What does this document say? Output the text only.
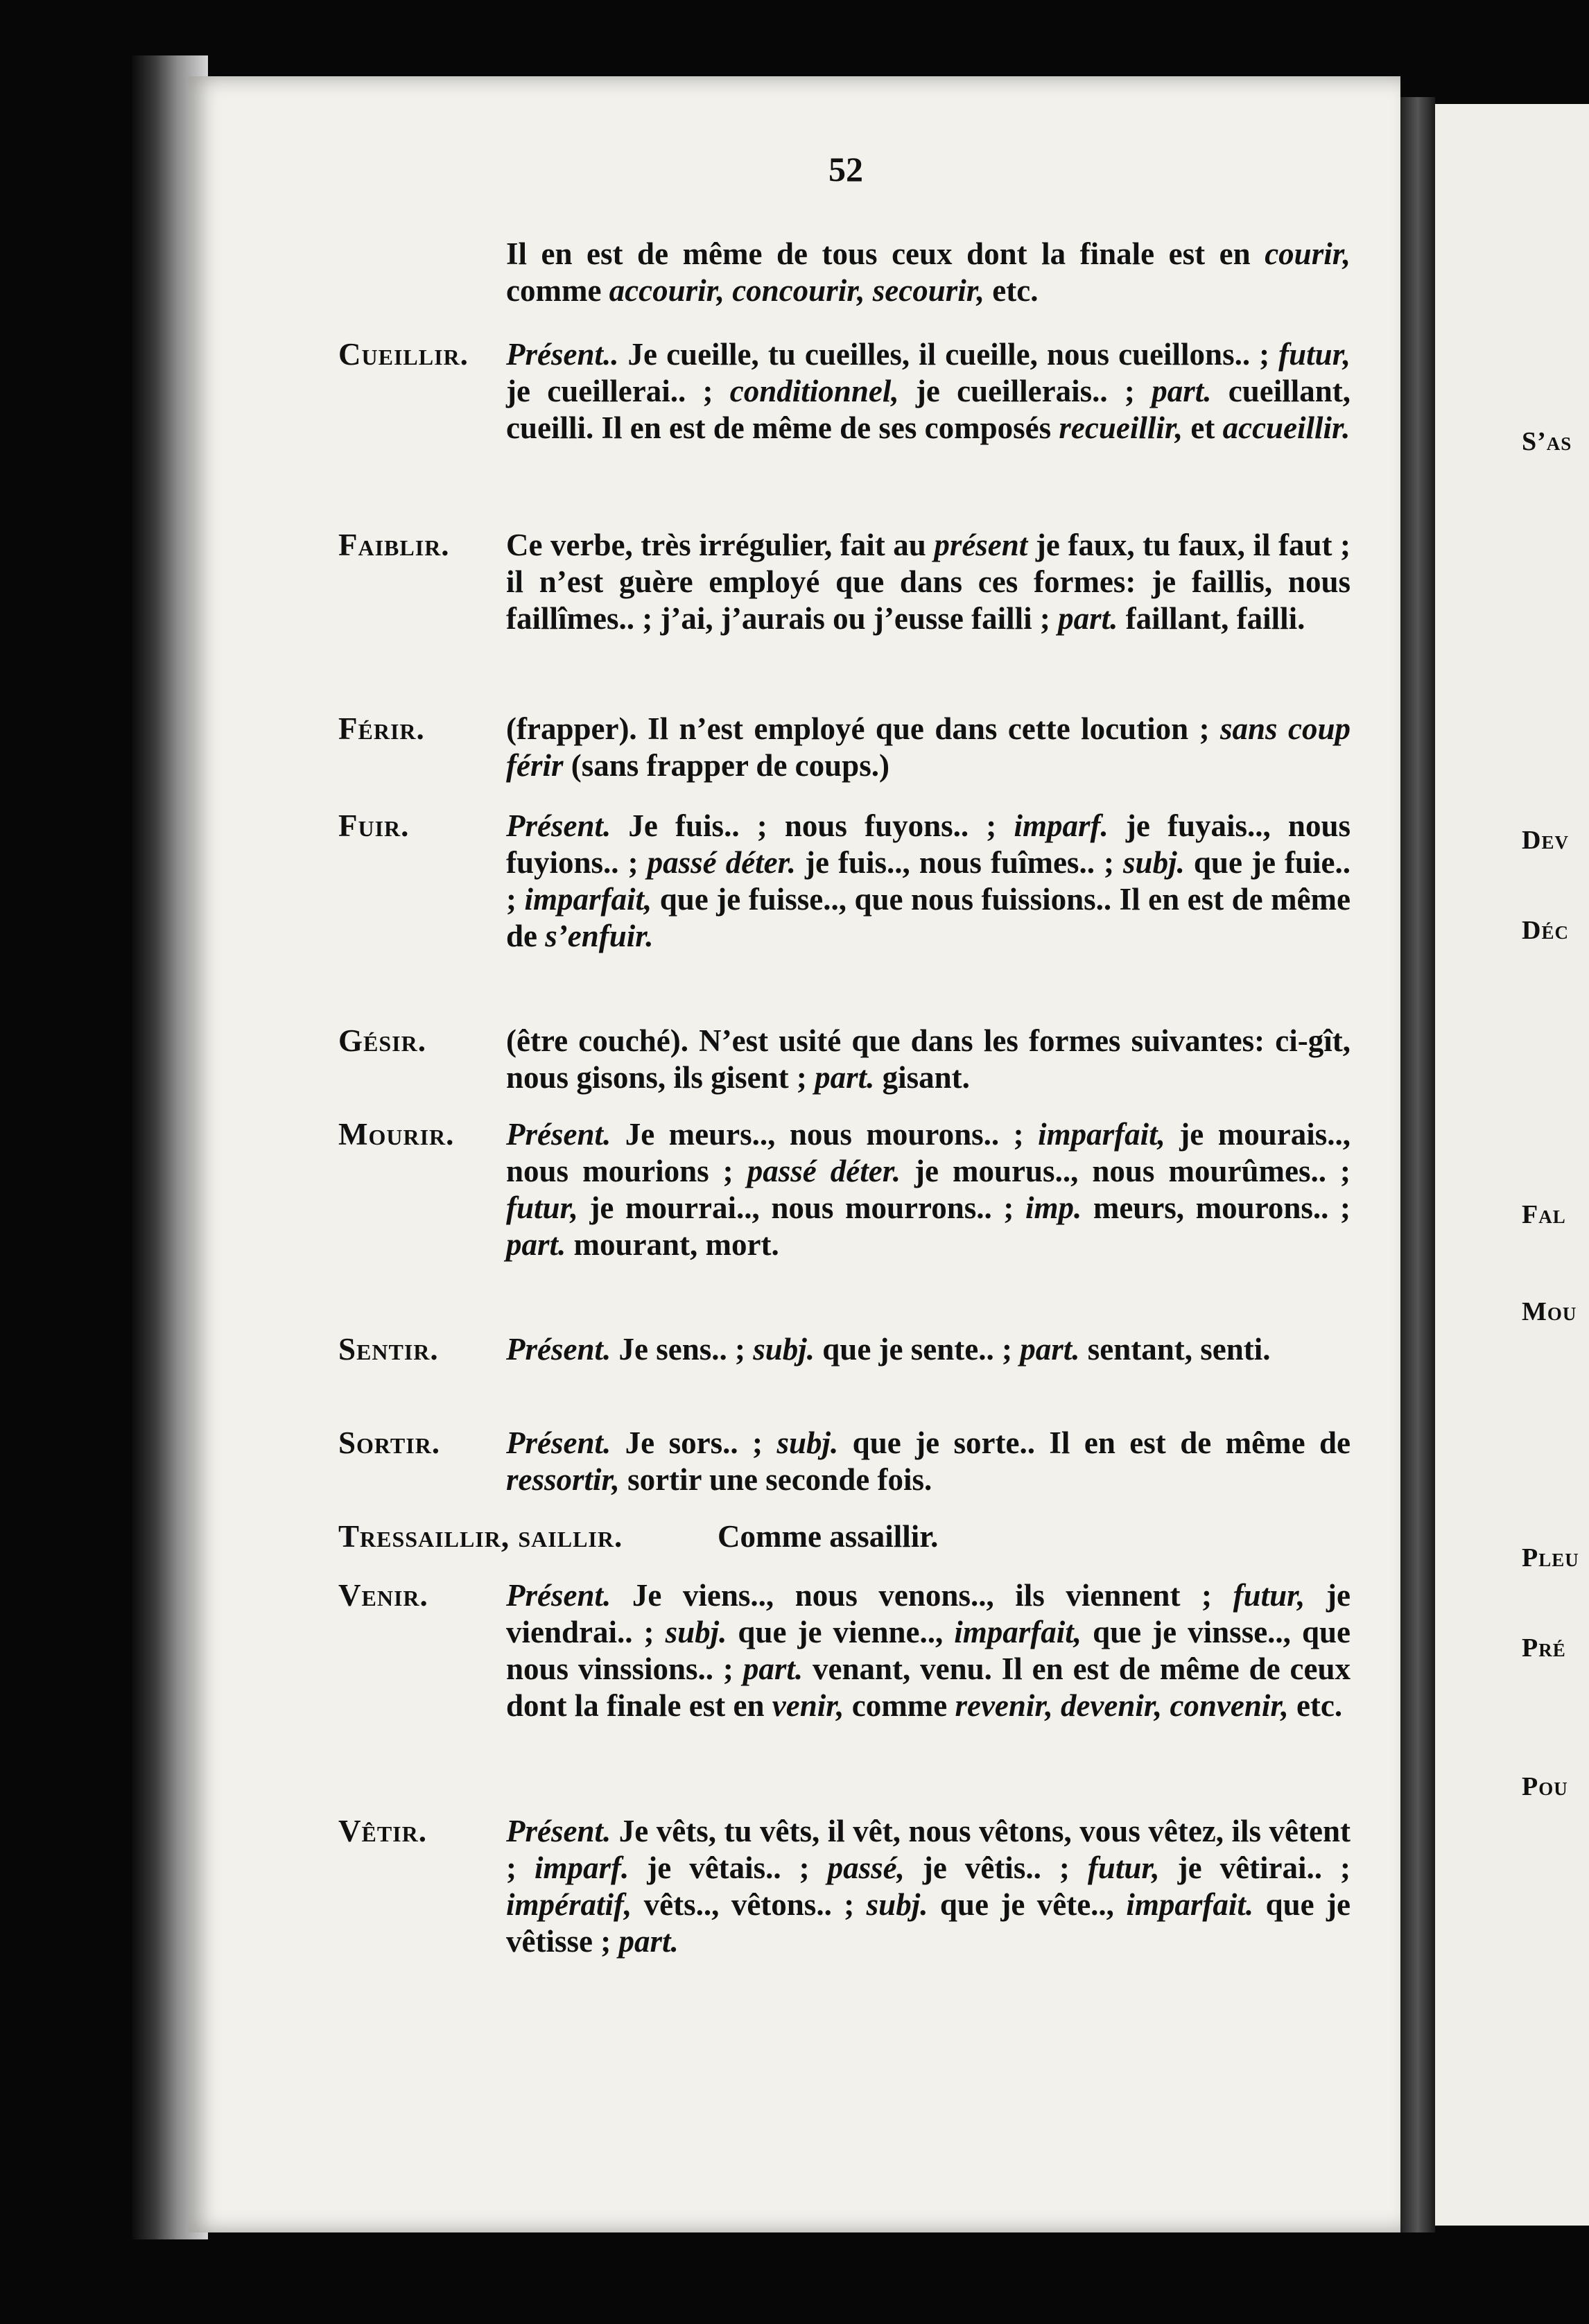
S’as
Dev
Déc
Fal
Mou
Pleu
Pré
Pou
52
Il en est de même de tous ceux dont la finale est en courir, comme accourir, concourir, secourir, etc.
Cueillir. Présent.. Je cueille, tu cueilles, il cueille, nous cueillons.. ; futur, je cueillerai.. ; conditionnel, je cueillerais.. ; part. cueillant, cueilli. Il en est de même de ses composés recueillir, et accueillir.
Faiblir. Ce verbe, très irrégulier, fait au présent je faux, tu faux, il faut ; il n’est guère employé que dans ces formes: je faillis, nous faillîmes.. ; j’ai, j’aurais ou j’eusse failli ; part. faillant, failli.
Férir.	(frapper). Il n’est employé que dans cette locution ; sans coup férir (sans frapper de coups.)
Fuir.	Présent. Je fuis.. ; nous fuyons.. ; imparf. je fuyais.., nous fuyions.. ; passé déter. je fuis.., nous fuîmes.. ; subj. que je fuie.. ; imparfait, que je fuisse.., que nous fuissions.. Il en est de même de s’enfuir.
Gésir.	(être couché). N’est usité que dans les formes suivantes: ci-gît, nous gisons, ils gisent ; part. gisant.
Mourir. Présent. Je meurs.., nous mourons.. ; imparfait, je mourais.., nous mourions ; passé déter. je mourus.., nous mourûmes.. ; futur, je mourrai.., nous mourrons.. ; imp. meurs, mourons.. ; part. mourant, mort.
Sentir. Présent. Je sens.. ; subj. que je sente.. ; part. sentant, senti.
Sortir. Présent. Je sors.. ; subj. que je sorte.. Il en est de même de ressortir, sortir une seconde fois.
Tressaillir, saillir.	Comme assaillir.
Venir. Présent. Je viens.., nous venons.., ils viennent ; futur, je viendrai.. ; subj. que je vienne.., imparfait, que je vinsse.., que nous vinssions.. ; part. venant, venu. Il en est de même de ceux dont la finale est en venir, comme revenir, devenir, convenir, etc.
Vêtir.	Présent. Je vêts, tu vêts, il vêt, nous vêtons, vous vêtez, ils vêtent ; imparf. je vêtais.. ; passé, je vêtis.. ; futur, je vêtirai.. ; impératif, vêts.., vêtons.. ; subj. que je vête.., imparfait. que je vêtisse ; part.
